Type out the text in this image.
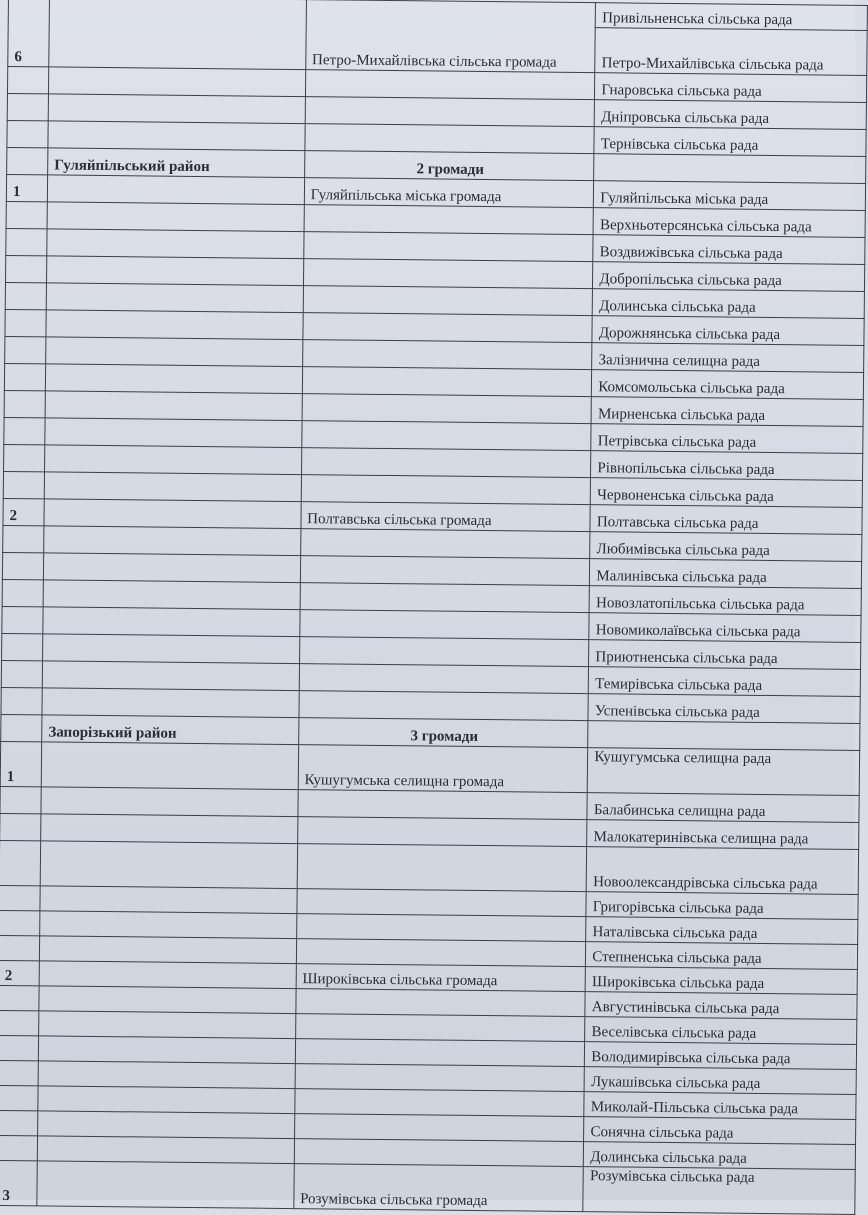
6		Петро-Михайлівська сільська громада	Привільненська сільська рада
			Петро-Михайлівська сільська рада
			Гнаровська сільська рада
			Дніпровська сільська рада
			Тернівська сільська рада
	Гуляйпільський район	2 громади	
1		Гуляйпільська міська громада	Гуляйпільська міська рада
			Верхньотерсянська сільська рада
			Воздвижівська сільська рада
			Добропільська сільська рада
			Долинська сільська рада
			Дорожнянська сільська рада
			Залізнична селищна рада
			Комсомольська сільська рада
			Мирненська сільська рада
			Петрівська сільська рада
			Рівнопільська сільська рада
			Червоненська сільська рада
2		Полтавська сільська громада	Полтавська сільська рада
			Любимівська сільська рада
			Малинівська сільська рада
			Новозлатопільська сільська рада
			Новомиколаївська сільська рада
			Приютненська сільська рада
			Темирівська сільська рада
			Успенівська сільська рада
	Запорізький район	3 громади	
1		Кушугумська селищна громада	Кушугумська селищна рада
			Балабинська селищна рада
			Малокатеринівська селищна рада
			Новоолександрівська сільська рада
			Григорівська сільська рада
			Наталівська сільська рада
			Степненська сільська рада
2		Широківська сільська громада	Широківська сільська рада
			Августинівська сільська рада
			Веселівська сільська рада
			Володимирівська сільська рада
			Лукашівська сільська рада
			Миколай-Пільська сільська рада
			Сонячна сільська рада
			Долинська сільська рада
3		Розумівська сільська громада	Розумівська сільська рада
